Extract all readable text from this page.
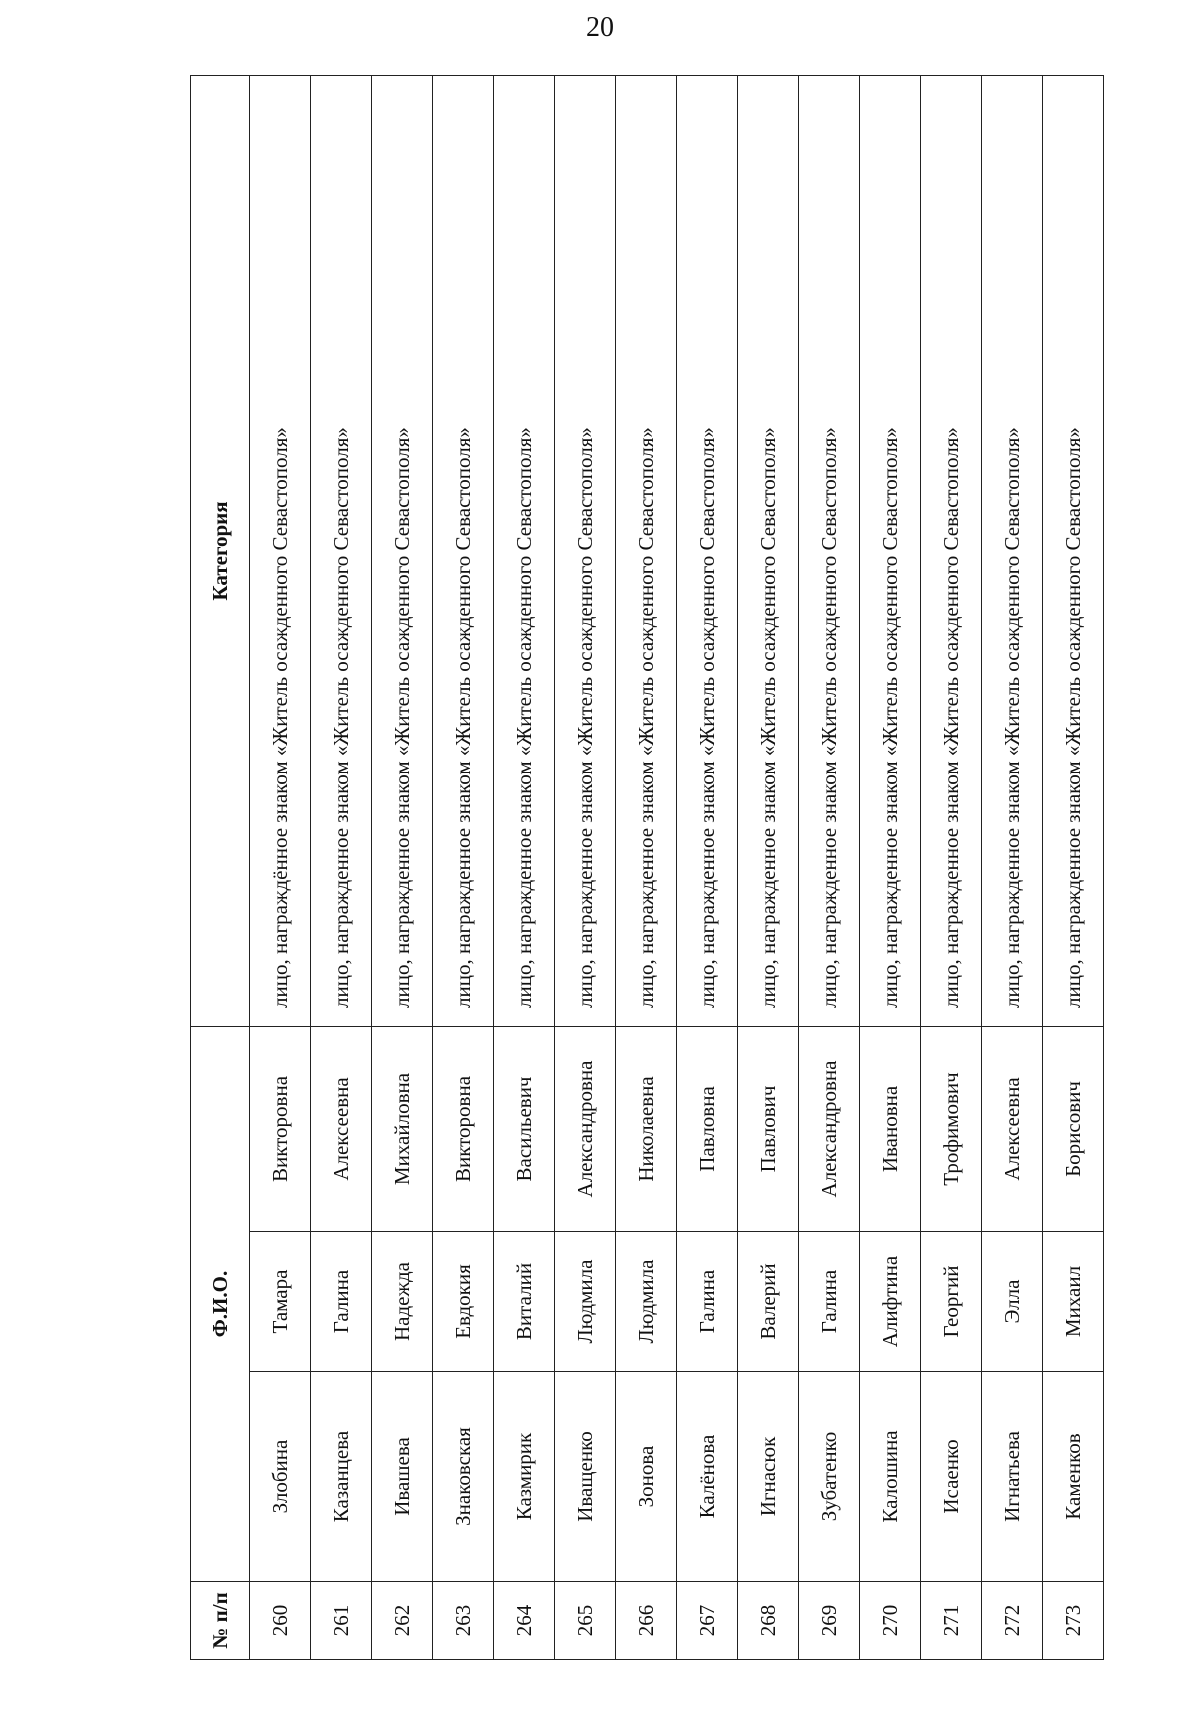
20
№ п/п	Ф.И.О.			Категория
260	Злобина	Тамара	Викторовна	лицо, награждённое знаком «Житель осажденного Севастополя»
261	Казанцева	Галина	Алексеевна	лицо, награжденное знаком «Житель осажденного Севастополя»
262	Ивашева	Надежда	Михайловна	лицо, награжденное знаком «Житель осажденного Севастополя»
263	Знаковская	Евдокия	Викторовна	лицо, награжденное знаком «Житель осажденного Севастополя»
264	Казмирик	Виталий	Васильевич	лицо, награжденное знаком «Житель осажденного Севастополя»
265	Иващенко	Людмила	Александровна	лицо, награжденное знаком «Житель осажденного Севастополя»
266	Зонова	Людмила	Николаевна	лицо, награжденное знаком «Житель осажденного Севастополя»
267	Калёнова	Галина	Павловна	лицо, награжденное знаком «Житель осажденного Севастополя»
268	Игнасюк	Валерий	Павлович	лицо, награжденное знаком «Житель осажденного Севастополя»
269	Зубатенко	Галина	Александровна	лицо, награжденное знаком «Житель осажденного Севастополя»
270	Калошина	Алифтина	Ивановна	лицо, награжденное знаком «Житель осажденного Севастополя»
271	Исаенко	Георгий	Трофимович	лицо, награжденное знаком «Житель осажденного Севастополя»
272	Игнатьева	Элла	Алексеевна	лицо, награжденное знаком «Житель осажденного Севастополя»
273	Каменков	Михаил	Борисович	лицо, награжденное знаком «Житель осажденного Севастополя»
